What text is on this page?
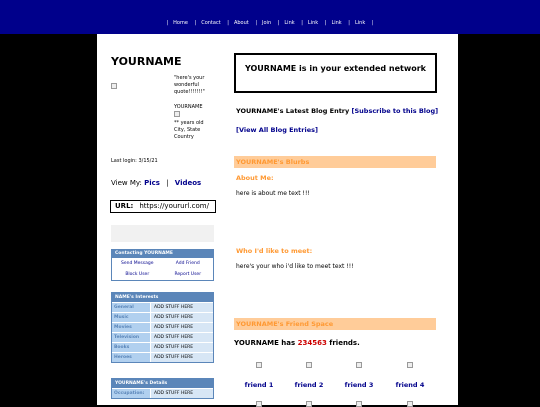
| Home | Contact | About | Join | Link | Link | Link | Link |
YOURNAME
"here's your wonderful quote!!!!!!!"
YOURNAME
** years old
City, State
Country
Last login: 3/15/21
View My: Pics | Videos
URL: https://yoururl.com/
Contacting YOURNAME
Send Message	Add Friend
Block User	Report User
NAME's Interests
General	ADD STUFF HERE
Music	ADD STUFF HERE
Movies	ADD STUFF HERE
Television	ADD STUFF HERE
Books	ADD STUFF HERE
Heroes	ADD STUFF HERE
YOURNAME's Details
Occupation:	ADD STUFF HERE
YOURNAME is in your extended network
YOURNAME's Latest Blog Entry [Subscribe to this Blog]
[View All Blog Entries]
YOURNAME's Blurbs
About Me:
here is about me text !!!
Who I'd like to meet:
here's your who i'd like to meet text !!!
YOURNAME's Friend Space
YOURNAME has 234563 friends.
friend 1	friend 2	friend 3	friend 4
